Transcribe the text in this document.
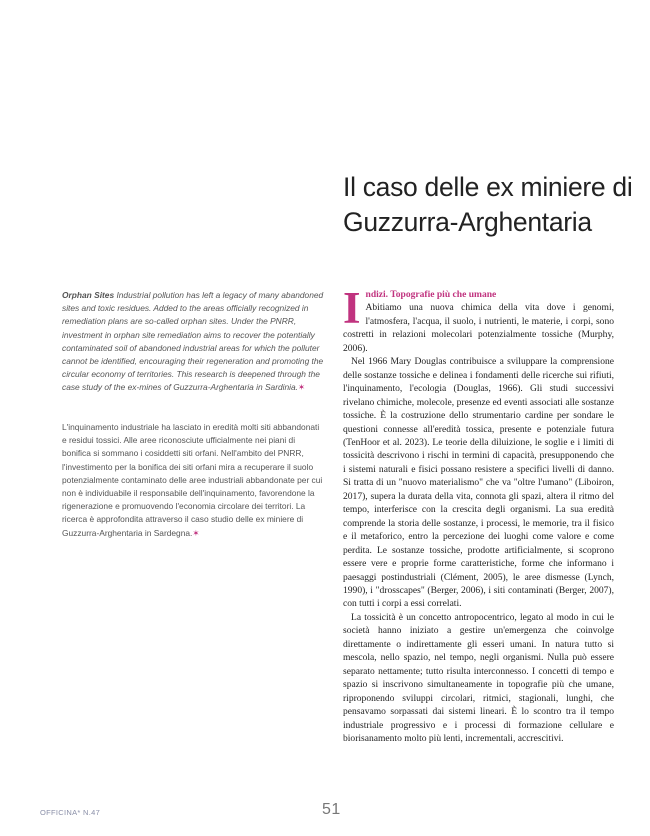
Il caso delle ex miniere di Guzzurra-Arghentaria
Orphan Sites Industrial pollution has left a legacy of many abandoned sites and toxic residues. Added to the areas officially recognized in remediation plans are so-called orphan sites. Under the PNRR, investment in orphan site remediation aims to recover the potentially contaminated soil of abandoned industrial areas for which the polluter cannot be identified, encouraging their regeneration and promoting the circular economy of territories. This research is deepened through the case study of the ex-mines of Guzzurra-Arghentaria in Sardinia.✶
L'inquinamento industriale ha lasciato in eredità molti siti abbandonati e residui tossici. Alle aree riconosciute ufficialmente nei piani di bonifica si sommano i cosiddetti siti orfani. Nell'ambito del PNRR, l'investimento per la bonifica dei siti orfani mira a recuperare il suolo potenzialmente contaminato delle aree industriali abbandonate per cui non è individuabile il responsabile dell'inquinamento, favorendone la rigenerazione e promuovendo l'economia circolare dei territori. La ricerca è approfondita attraverso il caso studio delle ex miniere di Guzzurra-Arghentaria in Sardegna.✶

Indizi. Topografie più che umane
Abitiamo una nuova chimica della vita dove i genomi, l'atmosfera, l'acqua, il suolo, i nutrienti, le materie, i corpi, sono costretti in relazioni molecolari potenzialmente tossiche (Murphy, 2006).

Nel 1966 Mary Douglas contribuisce a sviluppare la comprensione delle sostanze tossiche e delinea i fondamenti delle ricerche sui rifiuti, l'inquinamento, l'ecologia (Douglas, 1966). Gli studi successivi rivelano chimiche, molecole, presenze ed eventi associati alle sostanze tossiche. È la costruzione dello strumentario cardine per sondare le questioni connesse all'eredità tossica, presente e potenziale futura (TenHoor et al. 2023). Le teorie della diluizione, le soglie e i limiti di tossicità descrivono i rischi in termini di capacità, presupponendo che i sistemi naturali e fisici possano resistere a specifici livelli di danno. Si tratta di un "nuovo materialismo" che va "oltre l'umano" (Liboiron, 2017), supera la durata della vita, connota gli spazi, altera il ritmo del tempo, interferisce con la crescita degli organismi. La sua eredità comprende la storia delle sostanze, i processi, le memorie, tra il fisico e il metaforico, entro la percezione dei luoghi come valore e come perdita. Le sostanze tossiche, prodotte artificialmente, si scoprono essere vere e proprie forme caratteristiche, forme che informano i paesaggi postindustriali (Clément, 2005), le aree dismesse (Lynch, 1990), i "drosscapes" (Berger, 2006), i siti contaminati (Berger, 2007), con tutti i corpi a essi correlati.

La tossicità è un concetto antropocentrico, legato al modo in cui le società hanno iniziato a gestire un'emergenza che coinvolge direttamente o indirettamente gli esseri umani. In natura tutto si mescola, nello spazio, nel tempo, negli organismi. Nulla può essere separato nettamente; tutto risulta interconnesso. I concetti di tempo e spazio si inscrivono simultaneamente in topografie più che umane, riproponendo sviluppi circolari, ritmici, stagionali, lunghi, che pensavamo sorpassati dai sistemi lineari. È lo scontro tra il tempo industriale progressivo e i processi di formazione cellulare e biorisanamento molto più lenti, incrementali, accrescitivi.

OFFICINA* N.47	51
